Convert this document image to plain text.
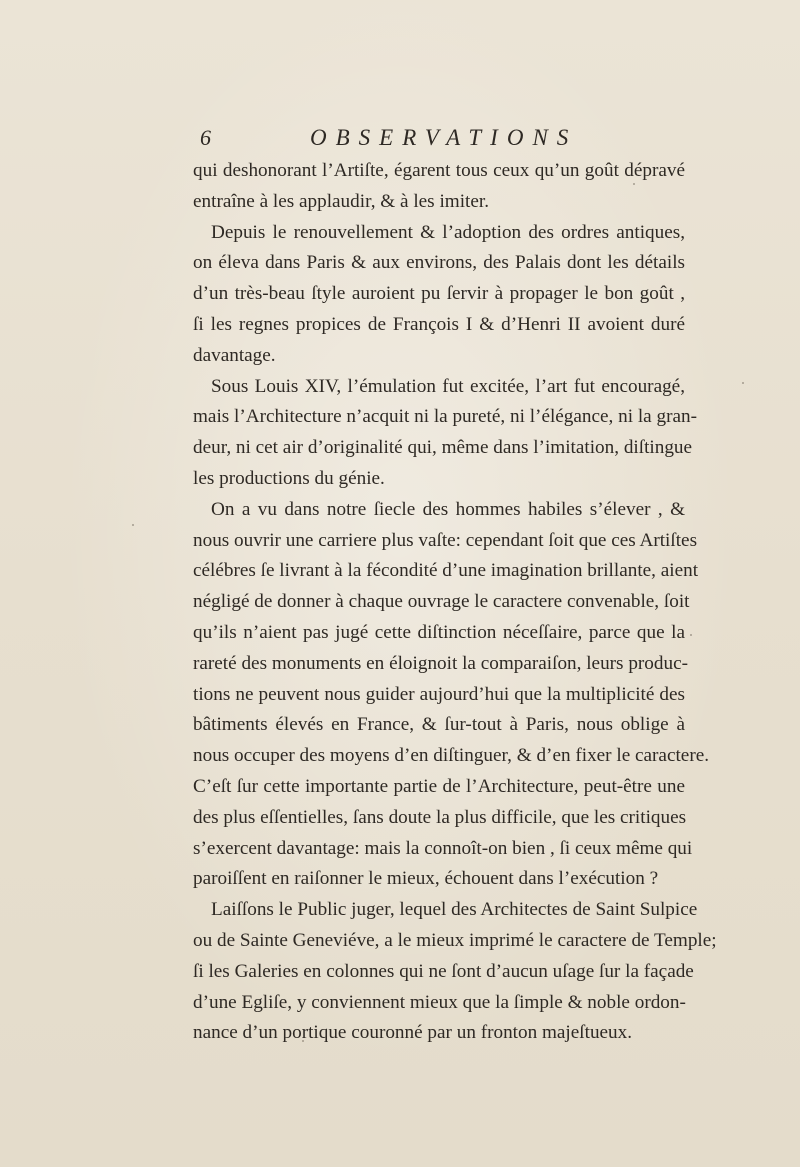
6	OBSERVATIONS
qui deshonorant l’Artiſte, égarent tous ceux qu’un goût dépravé
entraîne à les applaudir, & à les imiter.
Depuis le renouvellement & l’adoption des ordres antiques,
on éleva dans Paris & aux environs, des Palais dont les détails
d’un très-beau ſtyle auroient pu ſervir à propager le bon goût ,
ſi les regnes propices de François I & d’Henri II avoient duré
davantage.
Sous Louis XIV, l’émulation fut excitée, l’art fut encouragé,
mais l’Architecture n’acquit ni la pureté, ni l’élégance, ni la gran-
deur, ni cet air d’originalité qui, même dans l’imitation, diſtingue
les productions du génie.
On a vu dans notre ſiecle des hommes habiles s’élever , &
nous ouvrir une carriere plus vaſte: cependant ſoit que ces Artiſtes
célébres ſe livrant à la fécondité d’une imagination brillante, aient
négligé de donner à chaque ouvrage le caractere convenable, ſoit
qu’ils n’aient pas jugé cette diſtinction néceſſaire, parce que la
rareté des monuments en éloignoit la comparaiſon, leurs produc-
tions ne peuvent nous guider aujourd’hui que la multiplicité des
bâtiments élevés en France, & ſur-tout à Paris, nous oblige à
nous occuper des moyens d’en diſtinguer, & d’en fixer le caractere.
C’eſt ſur cette importante partie de l’Architecture, peut-être une
des plus eſſentielles, ſans doute la plus difficile, que les critiques
s’exercent davantage: mais la connoît-on bien , ſi ceux même qui
paroiſſent en raiſonner le mieux, échouent dans l’exécution ?
Laiſſons le Public juger, lequel des Architectes de Saint Sulpice
ou de Sainte Geneviéve, a le mieux imprimé le caractere de Temple;
ſi les Galeries en colonnes qui ne ſont d’aucun uſage ſur la façade
d’une Egliſe, y conviennent mieux que la ſimple & noble ordon-
nance d’un portique couronné par un fronton majeſtueux.
